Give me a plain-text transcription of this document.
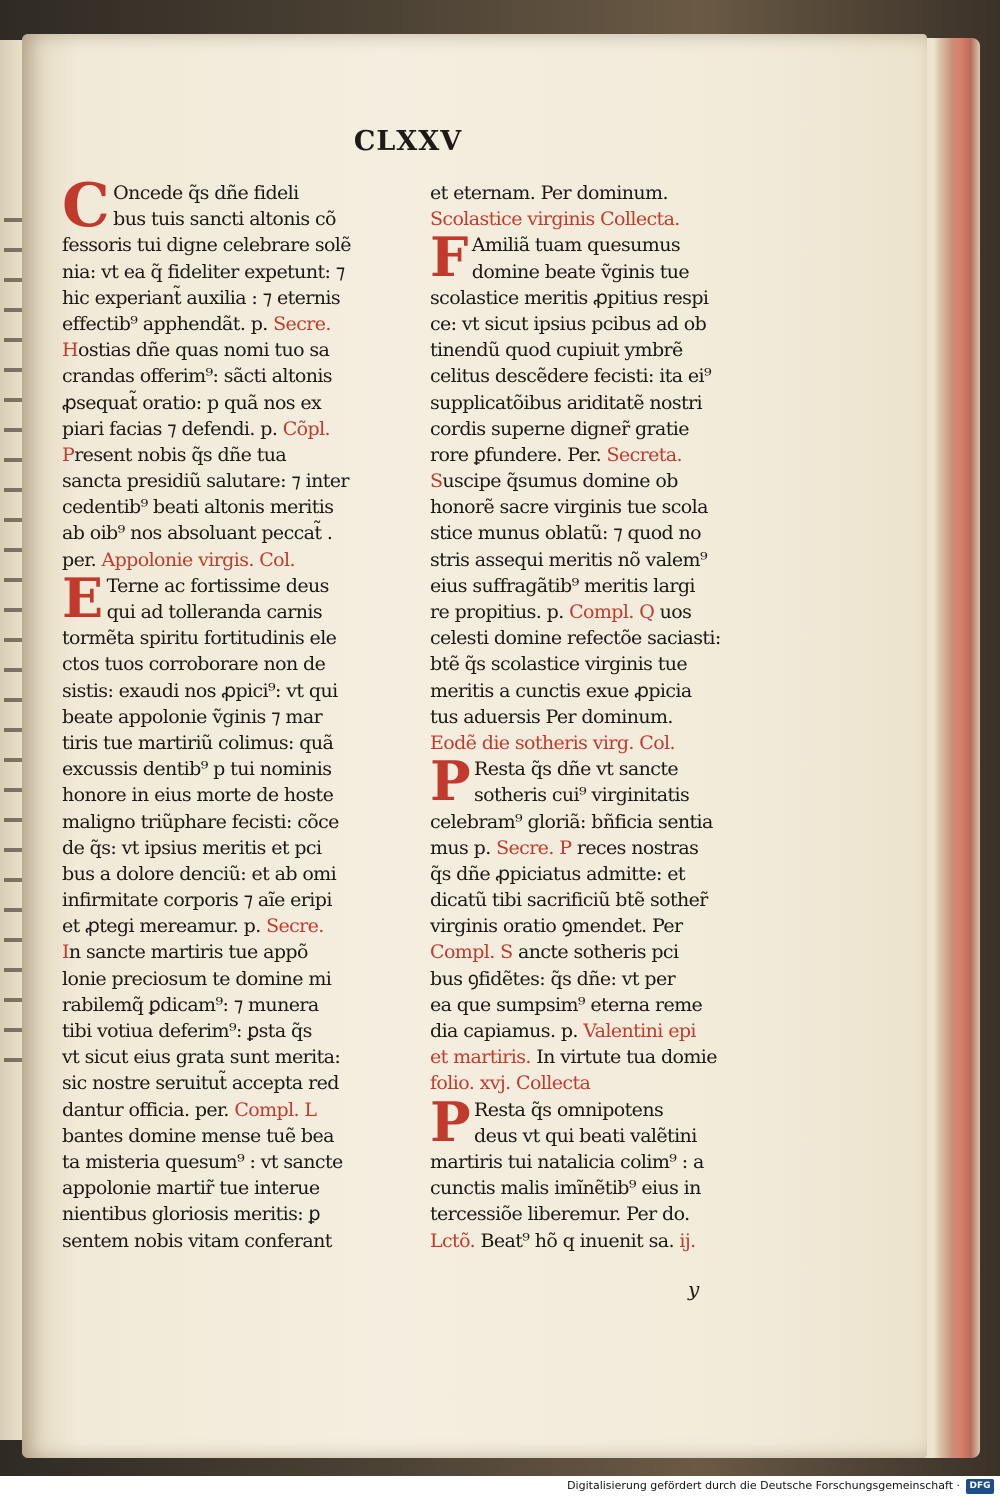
CLXXV
C Oncede q̃s dñe fideli
bus tuis sancti altonis cõ
fessoris tui digne celebrare solẽ
nia: vt ea q̃ fideliter expetunt: ⁊
hic experiant̃ auxilia : ⁊ eternis
effectib⁹ apphendãt. p. Secre.
Hostias dñe quas nomi tuo sa
crandas offerim⁹: sãcti altonis
ꝓsequat̃ oratio: p quã nos ex
piari facias ⁊ defendi. p. Cõpl.
Present nobis q̃s dñe tua
sancta presidiũ salutare: ⁊ inter
cedentib⁹ beati altonis meritis
ab oib⁹ nos absoluant peccat̃ .
per. Appolonie virgis. Col.
E Terne ac fortissime deus
qui ad tolleranda carnis
tormẽta spiritu fortitudinis ele
ctos tuos corroborare non de
sistis: exaudi nos ꝓpici⁹: vt qui
beate appolonie ṽginis ⁊ mar
tiris tue martiriũ colimus: quã
excussis dentib⁹ p tui nominis
honore in eius morte de hoste
maligno triũphare fecisti: cõce
de q̃s: vt ipsius meritis et pci
bus a dolore denciũ: et ab omi
infirmitate corporis ⁊ aĩe eripi
et ꝓtegi mereamur. p. Secre.
In sancte martiris tue appõ
lonie preciosum te domine mi
rabilemq̃ ꝑdicam⁹: ⁊ munera
tibi votiua deferim⁹: ꝑsta q̃s
vt sicut eius grata sunt merita:
sic nostre seruitut̃ accepta red
dantur officia. per. Compl. L
bantes domine mense tuẽ bea
ta misteria quesum⁹ : vt sancte
appolonie martir̃ tue interue
nientibus gloriosis meritis: ꝑ
sentem nobis vitam conferant
et eternam. Per dominum.
Scolastice virginis Collecta.
F Amiliã tuam quesumus
domine beate ṽginis tue
scolastice meritis ꝓpitius respi
ce: vt sicut ipsius pcibus ad ob
tinendũ quod cupiuit ymbrẽ
celitus descẽdere fecisti: ita ei⁹
supplicatõibus ariditatẽ nostri
cordis superne digner̃ gratie
rore ꝑfundere. Per. Secreta.
Suscipe q̃sumus domine ob
honorẽ sacre virginis tue scola
stice munus oblatũ: ⁊ quod no
stris assequi meritis nõ valem⁹
eius suffragãtib⁹ meritis largi
re propitius. p. Compl. Q uos
celesti domine refectõe saciasti:
btẽ q̃s scolastice virginis tue
meritis a cunctis exue ꝓpicia
tus aduersis Per dominum.
Eodẽ die sotheris virg. Col.
P Resta q̃s dñe vt sancte
sotheris cui⁹ virginitatis
celebram⁹ gloriã: bñficia sentia
mus p. Secre. P reces nostras
q̃s dñe ꝓpiciatus admitte: et
dicatũ tibi sacrificiũ btẽ sother̃
virginis oratio ꝯmendet. Per
Compl. S ancte sotheris pci
bus ꝯfidẽtes: q̃s dñe: vt per
ea que sumpsim⁹ eterna reme
dia capiamus. p. Valentini epi
et martiris. In virtute tua domie
folio. xvj. Collecta
P Resta q̃s omnipotens
deus vt qui beati valẽtini
martiris tui natalicia colim⁹ : a
cunctis malis imĩnẽtib⁹ eius in
tercessiõe liberemur. Per do.
Lctõ. Beat⁹ hõ q inuenit sa. ij.
y
Digitalisierung gefördert durch die Deutsche Forschungsgemeinschaft ·	DFG
